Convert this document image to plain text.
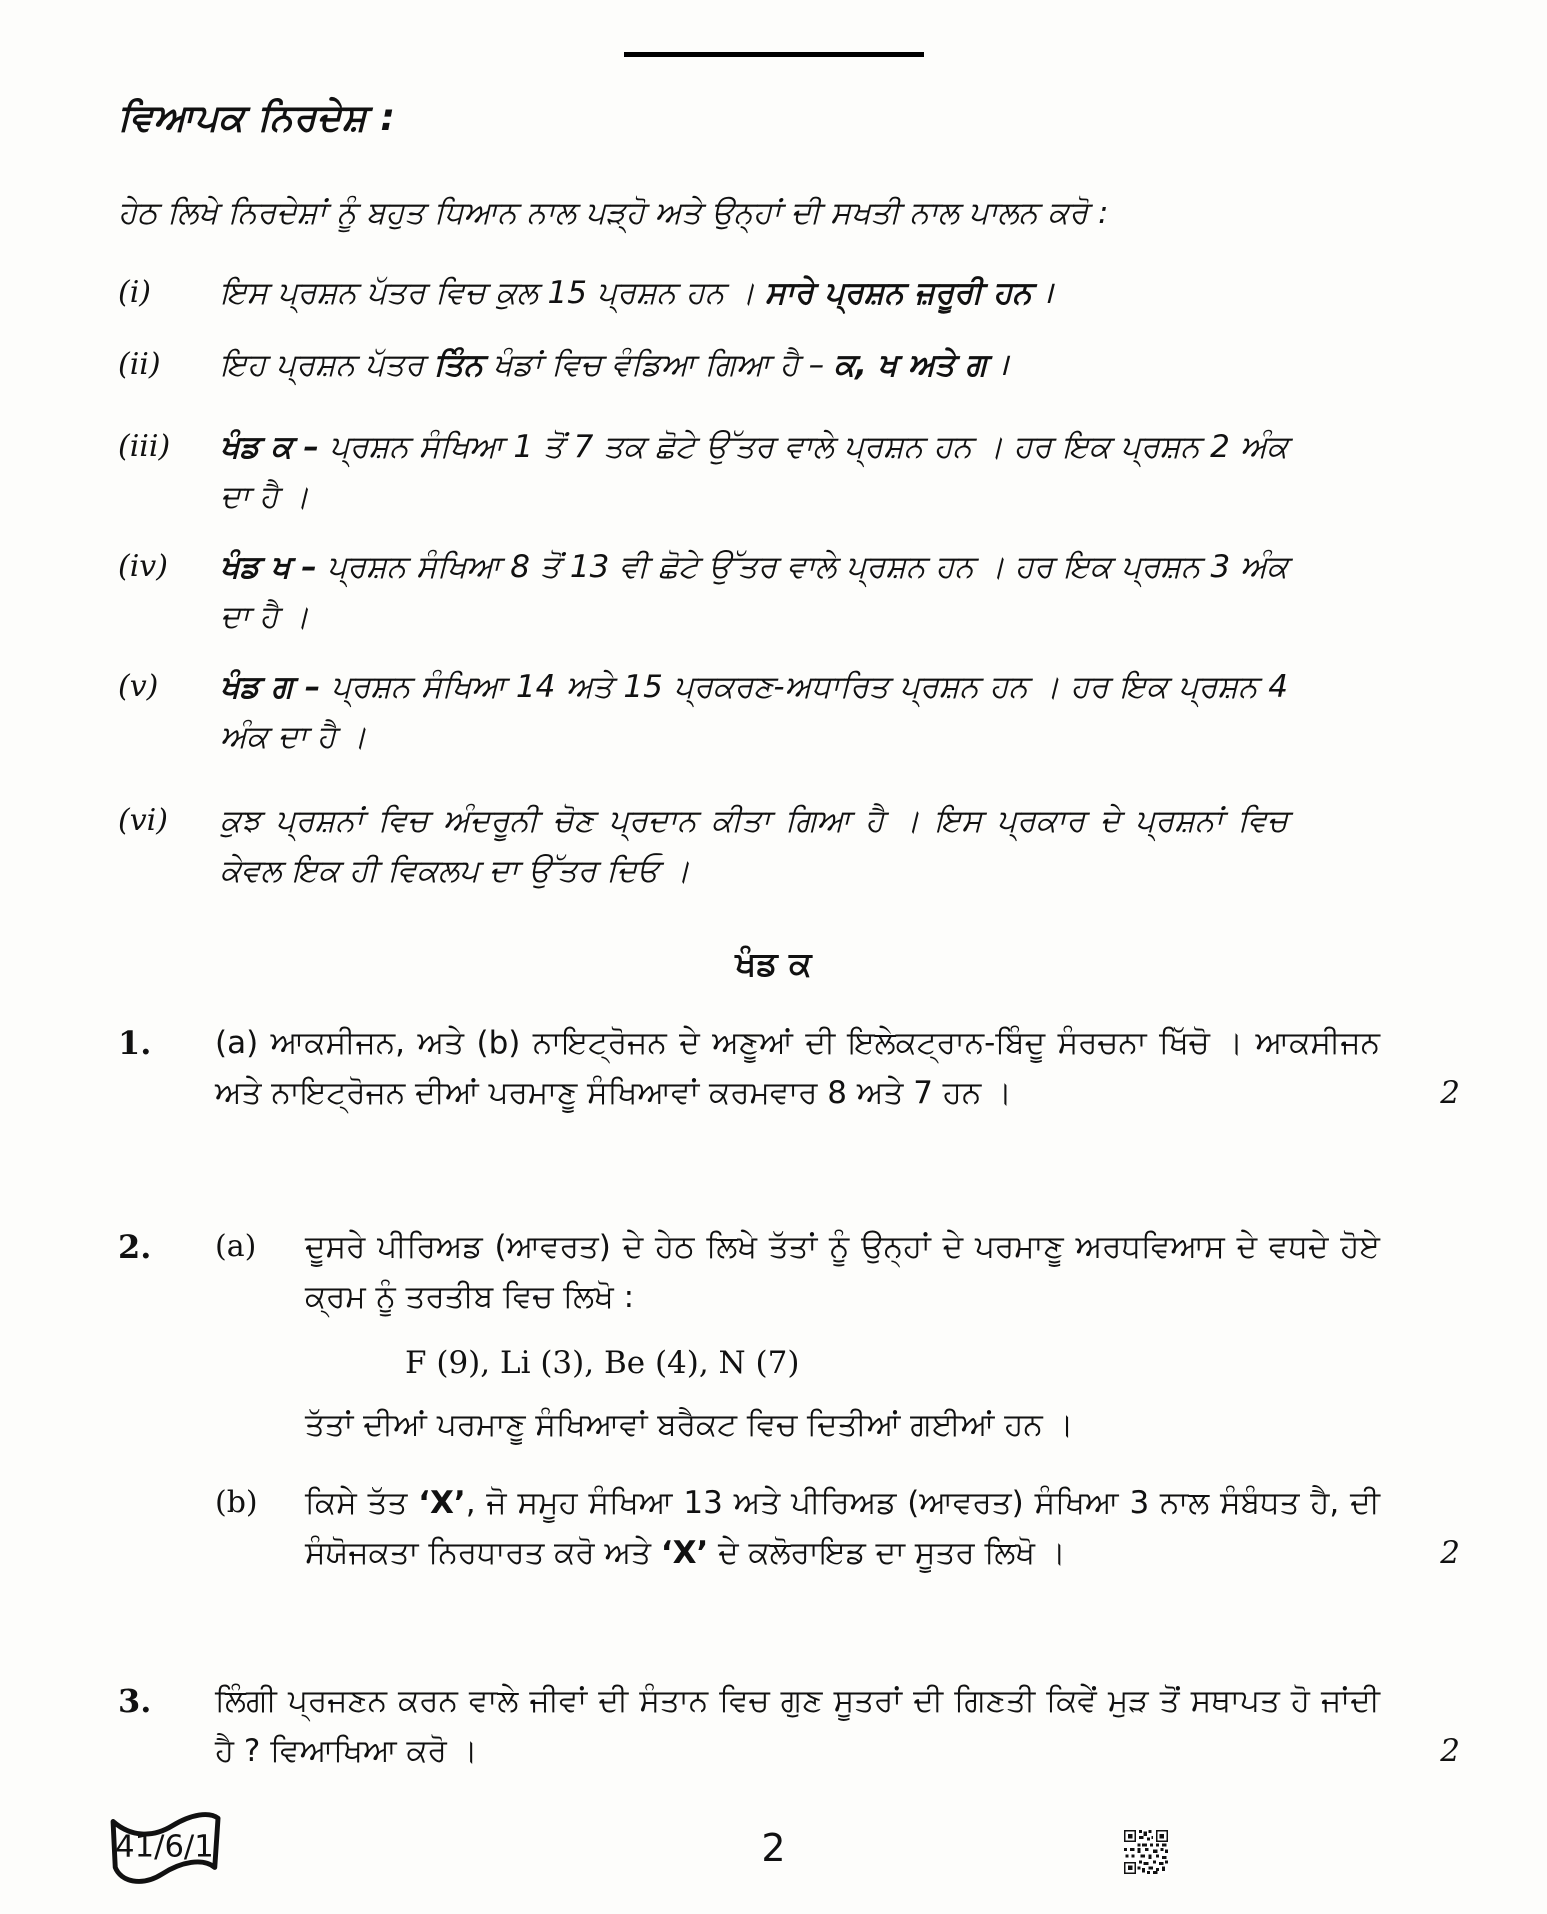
ਵਿਆਪਕ ਨਿਰਦੇਸ਼ :
ਹੇਠ ਲਿਖੇ ਨਿਰਦੇਸ਼ਾਂ ਨੂੰ ਬਹੁਤ ਧਿਆਨ ਨਾਲ ਪੜ੍ਹੋ ਅਤੇ ਉਨ੍ਹਾਂ ਦੀ ਸਖਤੀ ਨਾਲ ਪਾਲਨ ਕਰੋ :
(i)	ਇਸ ਪ੍ਰਸ਼ਨ ਪੱਤਰ ਵਿਚ ਕੁਲ 15 ਪ੍ਰਸ਼ਨ ਹਨ । ਸਾਰੇ ਪ੍ਰਸ਼ਨ ਜ਼ਰੂਰੀ ਹਨ ।
(ii)	ਇਹ ਪ੍ਰਸ਼ਨ ਪੱਤਰ ਤਿੰਨ ਖੰਡਾਂ ਵਿਚ ਵੰਡਿਆ ਗਿਆ ਹੈ – ਕ, ਖ ਅਤੇ ਗ ।
(iii)	ਖੰਡ ਕ – ਪ੍ਰਸ਼ਨ ਸੰਖਿਆ 1 ਤੋਂ 7 ਤਕ ਛੋਟੇ ਉੱਤਰ ਵਾਲੇ ਪ੍ਰਸ਼ਨ ਹਨ । ਹਰ ਇਕ ਪ੍ਰਸ਼ਨ 2 ਅੰਕ ਦਾ ਹੈ ।
(iv)	ਖੰਡ ਖ – ਪ੍ਰਸ਼ਨ ਸੰਖਿਆ 8 ਤੋਂ 13 ਵੀ ਛੋਟੇ ਉੱਤਰ ਵਾਲੇ ਪ੍ਰਸ਼ਨ ਹਨ । ਹਰ ਇਕ ਪ੍ਰਸ਼ਨ 3 ਅੰਕ ਦਾ ਹੈ ।
(v)	ਖੰਡ ਗ – ਪ੍ਰਸ਼ਨ ਸੰਖਿਆ 14 ਅਤੇ 15 ਪ੍ਰਕਰਣ-ਅਧਾਰਿਤ ਪ੍ਰਸ਼ਨ ਹਨ । ਹਰ ਇਕ ਪ੍ਰਸ਼ਨ 4 ਅੰਕ ਦਾ ਹੈ ।
(vi)	ਕੁਝ ਪ੍ਰਸ਼ਨਾਂ ਵਿਚ ਅੰਦਰੂਨੀ ਚੋਣ ਪ੍ਰਦਾਨ ਕੀਤਾ ਗਿਆ ਹੈ । ਇਸ ਪ੍ਰਕਾਰ ਦੇ ਪ੍ਰਸ਼ਨਾਂ ਵਿਚ ਕੇਵਲ ਇਕ ਹੀ ਵਿਕਲਪ ਦਾ ਉੱਤਰ ਦਿਓ ।
ਖੰਡ ਕ
1.	(a) ਆਕਸੀਜਨ, ਅਤੇ (b) ਨਾਇਟ੍ਰੋਜਨ ਦੇ ਅਣੂਆਂ ਦੀ ਇਲੇਕਟ੍ਰਾਨ-ਬਿੰਦੂ ਸੰਰਚਨਾ ਖਿੱਚੋ । ਆਕਸੀਜਨ ਅਤੇ ਨਾਇਟ੍ਰੋਜਨ ਦੀਆਂ ਪਰਮਾਣੂ ਸੰਖਿਆਵਾਂ ਕਰਮਵਾਰ 8 ਅਤੇ 7 ਹਨ ।	2
2.	(a)	ਦੂਸਰੇ ਪੀਰਿਅਡ (ਆਵਰਤ) ਦੇ ਹੇਠ ਲਿਖੇ ਤੱਤਾਂ ਨੂੰ ਉਨ੍ਹਾਂ ਦੇ ਪਰਮਾਣੂ ਅਰਧਵਿਆਸ ਦੇ ਵਧਦੇ ਹੋਏ ਕ੍ਰਮ ਨੂੰ ਤਰਤੀਬ ਵਿਚ ਲਿਖੋ :
F (9), Li (3), Be (4), N (7)
ਤੱਤਾਂ ਦੀਆਂ ਪਰਮਾਣੂ ਸੰਖਿਆਵਾਂ ਬਰੈਕਟ ਵਿਚ ਦਿਤੀਆਂ ਗਈਆਂ ਹਨ ।
(b)	ਕਿਸੇ ਤੱਤ ‘X’, ਜੋ ਸਮੂਹ ਸੰਖਿਆ 13 ਅਤੇ ਪੀਰਿਅਡ (ਆਵਰਤ) ਸੰਖਿਆ 3 ਨਾਲ ਸੰਬੰਧਤ ਹੈ, ਦੀ ਸੰਯੋਜਕਤਾ ਨਿਰਧਾਰਤ ਕਰੋ ਅਤੇ ‘X’ ਦੇ ਕਲੋਰਾਇਡ ਦਾ ਸੂਤਰ ਲਿਖੋ ।	2
3.	ਲਿੰਗੀ ਪ੍ਰਜਣਨ ਕਰਨ ਵਾਲੇ ਜੀਵਾਂ ਦੀ ਸੰਤਾਨ ਵਿਚ ਗੁਣ ਸੂਤਰਾਂ ਦੀ ਗਿਣਤੀ ਕਿਵੇਂ ਮੁੜ ਤੋਂ ਸਥਾਪਤ ਹੋ ਜਾਂਦੀ ਹੈ ? ਵਿਆਖਿਆ ਕਰੋ ।	2
41/6/1	2
